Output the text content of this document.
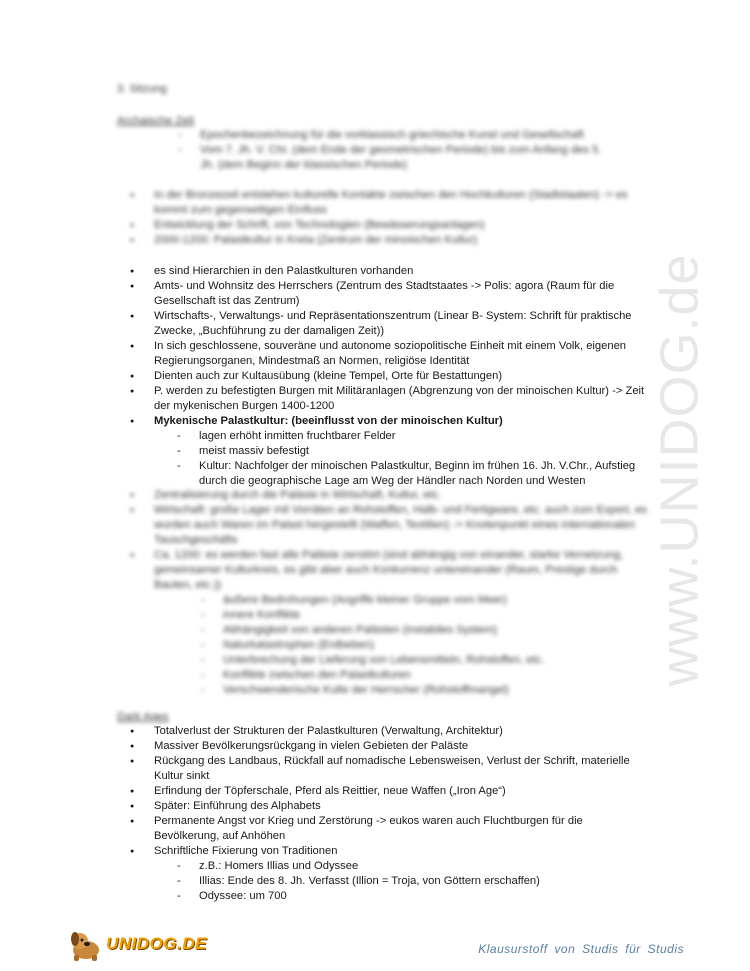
www.UNIDOG.de
3. Sitzung
Archaische Zeit
- Epochenbezeichnung für die vorklassisch griechische Kunst und Gesellschaft
- Vom 7. Jh. V. Chr. (dem Ende der geometrischen Periode) bis zum Anfang des 5. Jh. (dem Beginn der klassischen Periode)
● In der Bronzezeit entstehen kulturelle Kontakte zwischen den Hochkulturen (Stadtstaaten) -> es kommt zum gegenseitigen Einfluss
● Entwicklung der Schrift, von Technologien (Bewässerungsanlagen)
● 2000-1200: Palastkultur in Kreta (Zentrum der minoischen Kultur)
● es sind Hierarchien in den Palastkulturen vorhanden
● Amts- und Wohnsitz des Herrschers (Zentrum des Stadtstaates -> Polis: agora (Raum für die Gesellschaft ist das Zentrum)
● Wirtschafts-, Verwaltungs- und Repräsentationszentrum (Linear B- System: Schrift für praktische Zwecke, „Buchführung zu der damaligen Zeit))
● In sich geschlossene, souveräne und autonome soziopolitische Einheit mit einem Volk, eigenen Regierungsorganen, Mindestmaß an Normen, religiöse Identität
● Dienten auch zur Kultausübung (kleine Tempel, Orte für Bestattungen)
● P. werden zu befestigten Burgen mit Militäranlagen (Abgrenzung von der minoischen Kultur) -> Zeit der mykenischen Burgen 1400-1200
● Mykenische Palastkultur: (beeinflusst von der minoischen Kultur)
- lagen erhöht inmitten fruchtbarer Felder
- meist massiv befestigt
- Kultur: Nachfolger der minoischen Palastkultur, Beginn im frühen 16. Jh. V.Chr., Aufstieg durch die geographische Lage am Weg der Händler nach Norden und Westen
● Zentralisierung durch die Paläste in Wirtschaft, Kultur, etc.
● Wirtschaft: große Lager mit Vorräten an Rohstoffen, Halb- und Fertigware, etc. auch zum Export, es wurden auch Waren im Palast hergestellt (Waffen, Textilien) -> Knotenpunkt eines internationalen Tauschgeschäfts
● Ca. 1200: es werden fast alle Paläste zerstört (sind abhängig von einander, starke Vernetzung, gemeinsamer Kulturkreis, es gibt aber auch Konkurrenz untereinander (Raum, Prestige durch Bauten, etc.))
- äußere Bedrohungen (Angriffe kleiner Gruppe vom Meer)
- innere Konflikte
- Abhängigkeit von anderen Palästen (instabiles System)
- Naturkatastrophen (Erdbeben)
- Unterbrechung der Lieferung von Lebensmitteln, Rohstoffen, etc.
- Konflikte zwischen den Palastkulturen
- Verschwenderische Kulte der Herrscher (Rohstoffmangel)
Dark Ages
● Totalverlust der Strukturen der Palastkulturen (Verwaltung, Architektur)
● Massiver Bevölkerungsrückgang in vielen Gebieten der Paläste
● Rückgang des Landbaus, Rückfall auf nomadische Lebensweisen, Verlust der Schrift, materielle Kultur sinkt
● Erfindung der Töpferschale, Pferd als Reittier, neue Waffen („Iron Age“)
● Später: Einführung des Alphabets
● Permanente Angst vor Krieg und Zerstörung -> eukos waren auch Fluchtburgen für die Bevölkerung, auf Anhöhen
● Schriftliche Fixierung von Traditionen
- z.B.: Homers Illias und Odyssee
- Illias: Ende des 8. Jh. Verfasst (Illion = Troja, von Göttern erschaffen)
- Odyssee: um 700
UNIDOG.DE	Klausurstoff von Studis für Studis
